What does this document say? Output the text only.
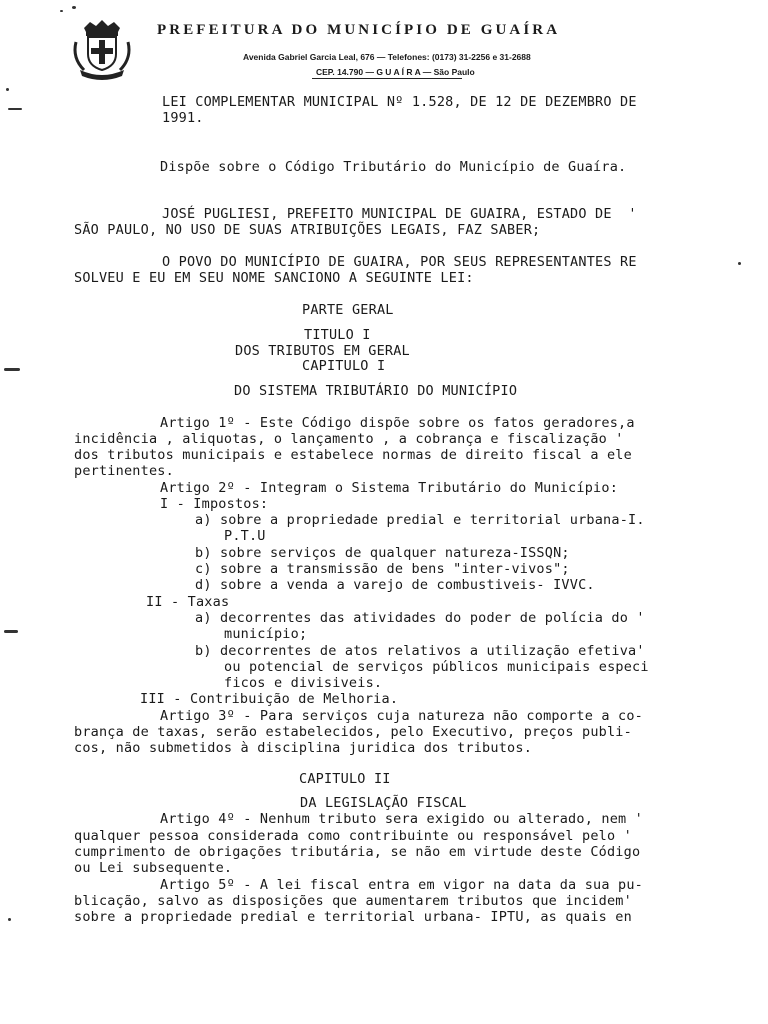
PREFEITURA DO MUNICÍPIO DE GUAÍRA
Avenida Gabriel Garcia Leal, 676 — Telefones: (0173) 31-2256 e 31-2688
CEP. 14.790 — G U A Í R A — São Paulo
LEI COMPLEMENTAR MUNICIPAL Nº 1.528, DE 12 DE DEZEMBRO DE
1991.
Dispõe sobre o Código Tributário do Município de Guaíra.
JOSÉ PUGLIESI, PREFEITO MUNICIPAL DE GUAIRA, ESTADO DE  '
SÃO PAULO, NO USO DE SUAS ATRIBUIÇÕES LEGAIS, FAZ SABER;
O POVO DO MUNICÍPIO DE GUAIRA, POR SEUS REPRESENTANTES RE
SOLVEU E EU EM SEU NOME SANCIONO A SEGUINTE LEI:
PARTE GERAL
TITULO I
DOS TRIBUTOS EM GERAL
CAPITULO I
DO SISTEMA TRIBUTÁRIO DO MUNICÍPIO
Artigo 1º - Este Código dispõe sobre os fatos geradores,a
incidência , aliquotas, o lançamento , a cobrança e fiscalização '
dos tributos municipais e estabelece normas de direito fiscal a ele
pertinentes.
Artigo 2º - Integram o Sistema Tributário do Município:
I - Impostos:
a) sobre a propriedade predial e territorial urbana-I.
P.T.U
b) sobre serviços de qualquer natureza-ISSQN;
c) sobre a transmissão de bens "inter-vivos";
d) sobre a venda a varejo de combustiveis- IVVC.
II - Taxas
a) decorrentes das atividades do poder de polícia do '
município;
b) decorrentes de atos relativos a utilização efetiva'
ou potencial de serviços públicos municipais especi
ficos e divisiveis.
III - Contribuição de Melhoria.
Artigo 3º - Para serviços cuja natureza não comporte a co-
brança de taxas, serão estabelecidos, pelo Executivo, preços publi-
cos, não submetidos à disciplina juridica dos tributos.
CAPITULO II
DA LEGISLAÇÃO FISCAL
Artigo 4º - Nenhum tributo sera exigido ou alterado, nem '
qualquer pessoa considerada como contribuinte ou responsável pelo '
cumprimento de obrigações tributária, se não em virtude deste Código
ou Lei subsequente.
Artigo 5º - A lei fiscal entra em vigor na data da sua pu-
blicação, salvo as disposições que aumentarem tributos que incidem'
sobre a propriedade predial e territorial urbana- IPTU, as quais en
